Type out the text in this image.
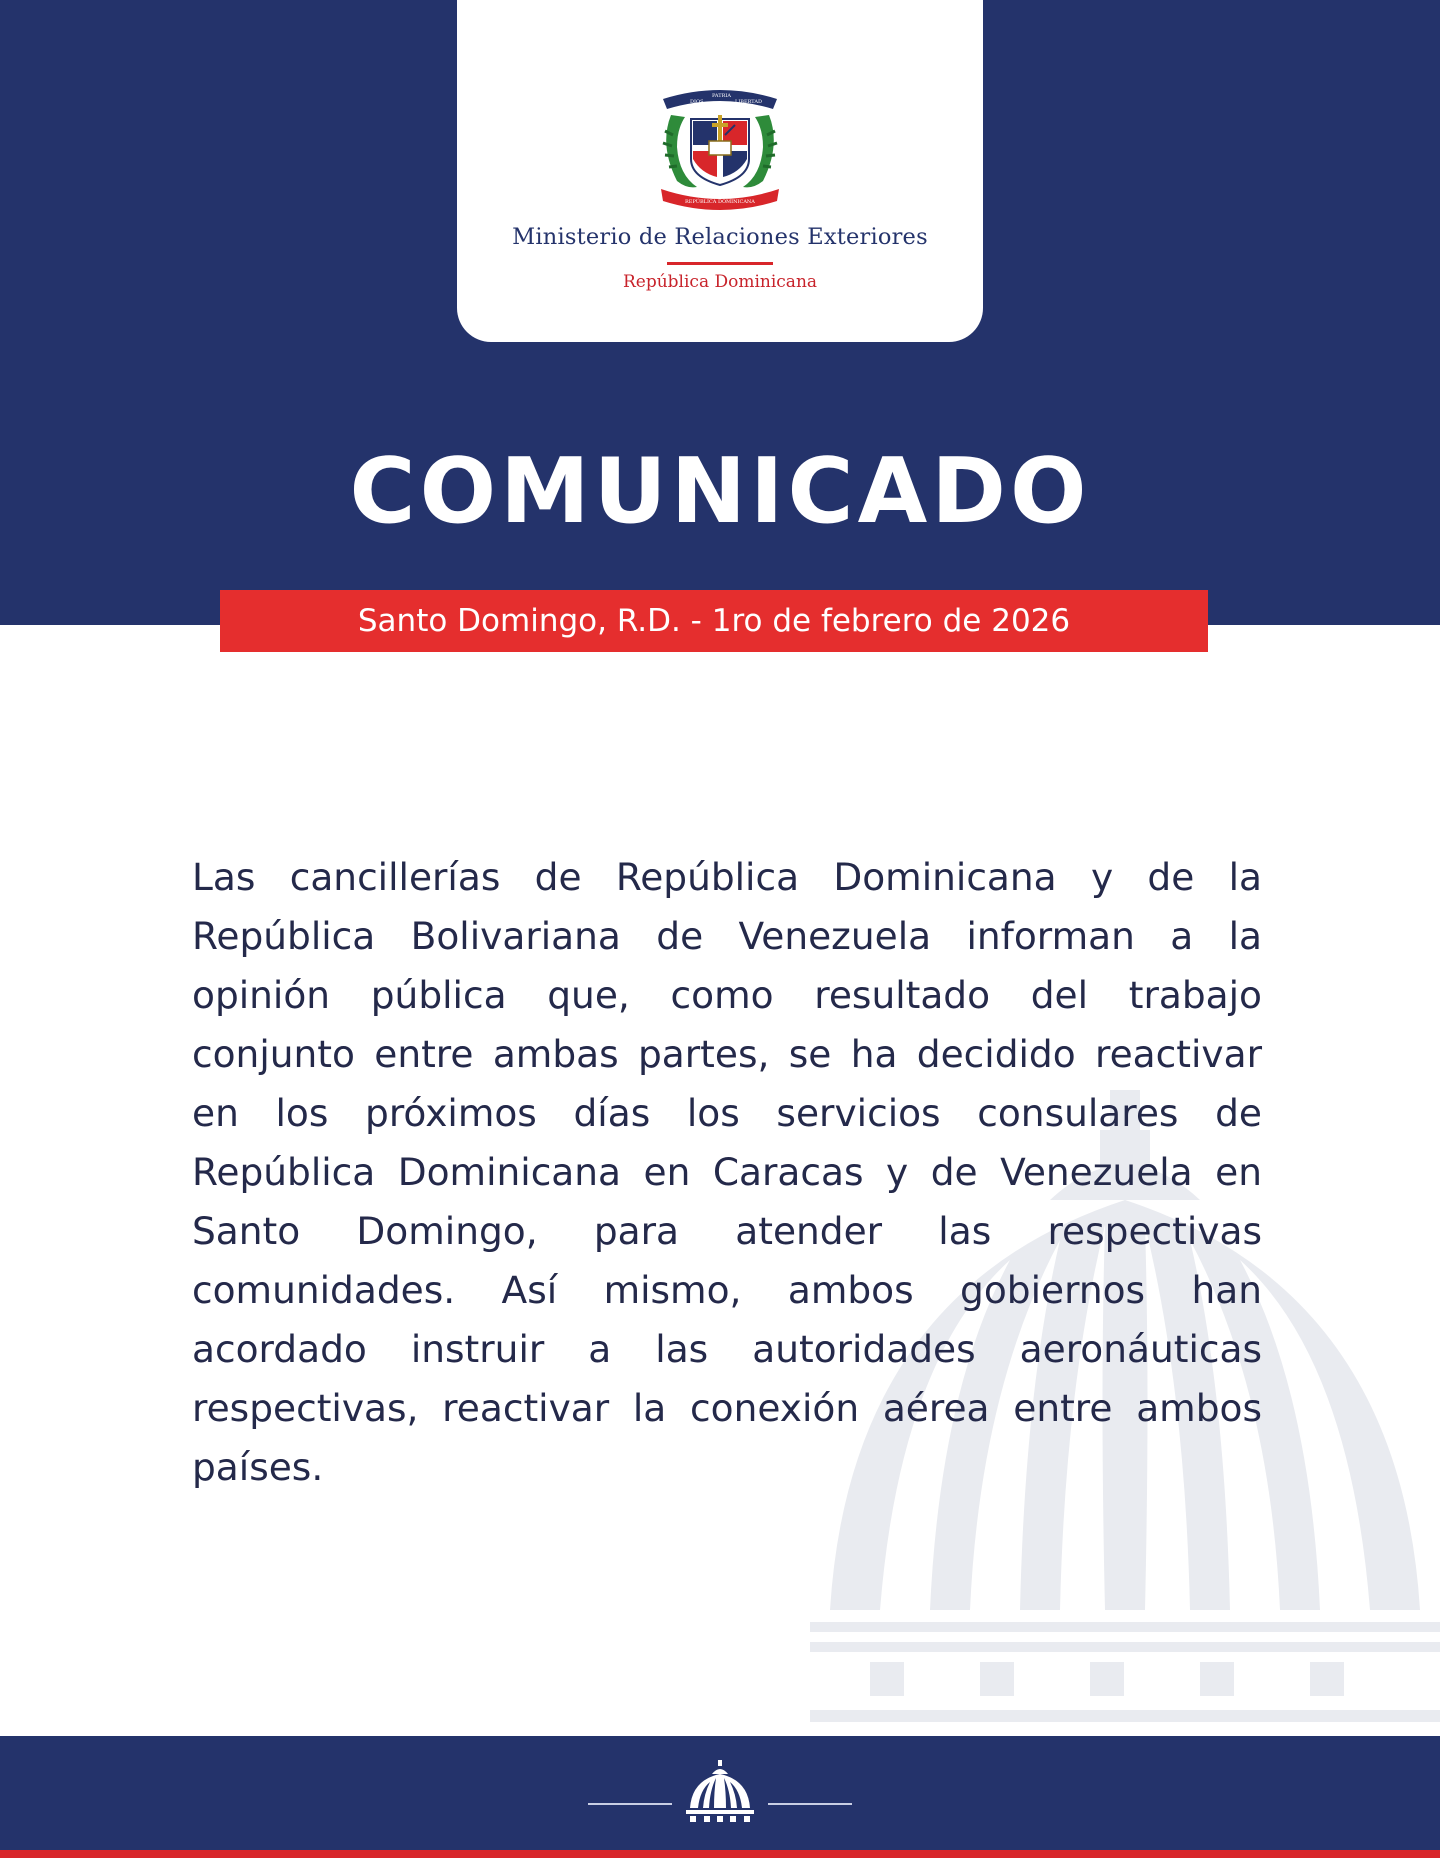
DIOS
PATRIA
LIBERTAD
REPÚBLICA DOMINICANA
Ministerio de Relaciones Exteriores
República Dominicana
COMUNICADO
Santo Domingo, R.D. - 1ro de febrero de 2026

Las cancillerías de República Dominicana y de la República Bolivariana de Venezuela informan a la opinión pública que, como resultado del trabajo conjunto entre ambas partes, se ha decidido reactivar en los próximos días los servicios consulares de República Dominicana en Caracas y de Venezuela en Santo Domingo, para atender las respectivas comunidades. Así mismo, ambos gobiernos han acordado instruir a las autoridades aeronáuticas respectivas, reactivar la conexión aérea entre ambos países.
